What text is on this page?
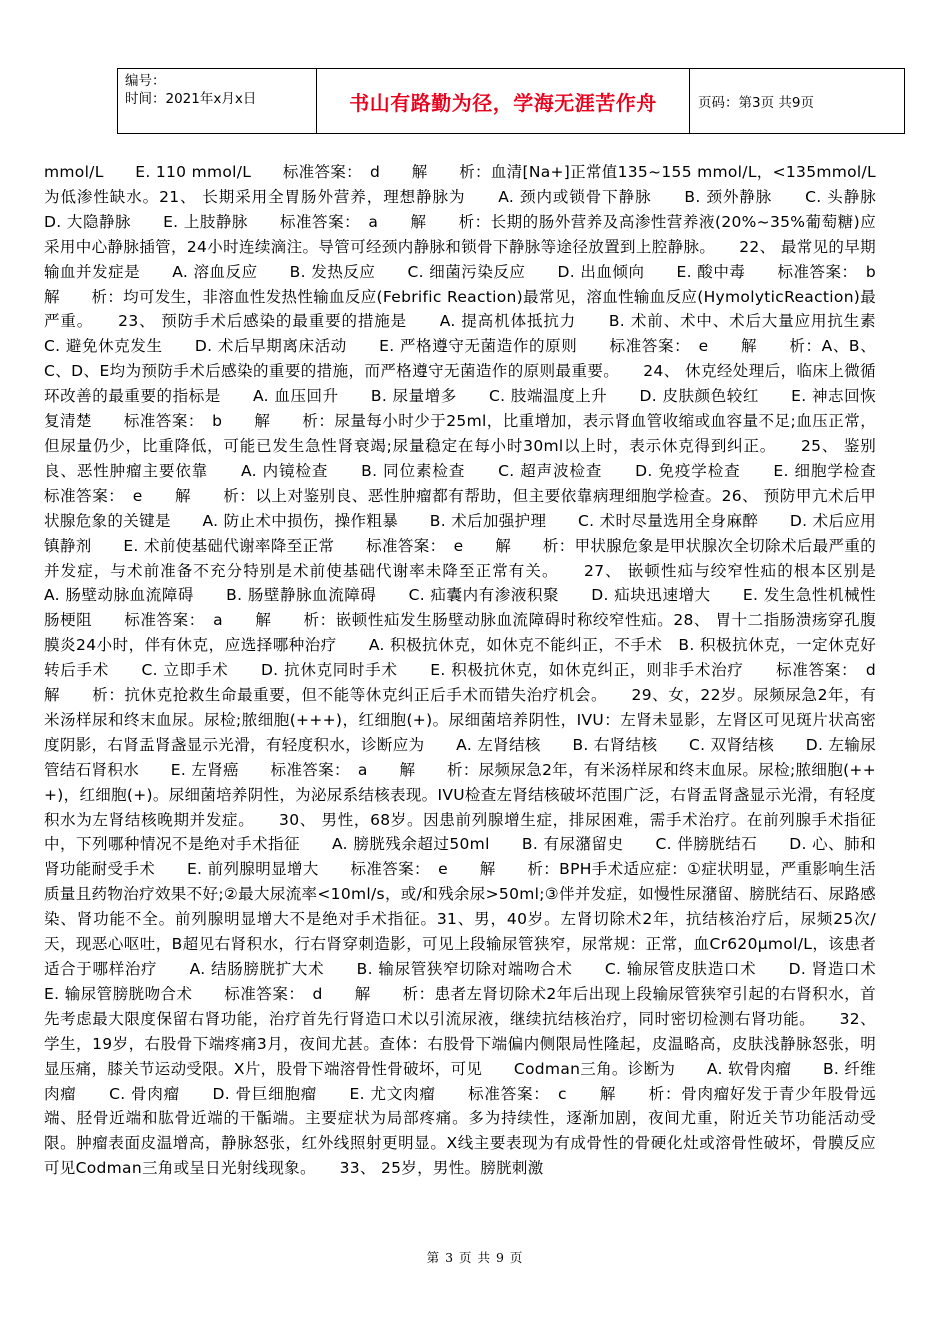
编号：
时间：2021年x月x日	书山有路勤为径，学海无涯苦作舟	页码：第3页 共9页
mmol/L　　E. 110 mmol/L　　标准答案：　d　　解　　析：血清[Na+]正常值135~155 mmol/L，<135mmol/L为低渗性缺水。21、 长期采用全胃肠外营养，理想静脉为　　A. 颈内或锁骨下静脉　　B. 颈外静脉　　C. 头静脉　　D. 大隐静脉　　E. 上肢静脉　　标准答案：　a　　解　　析：长期的肠外营养及高渗性营养液(20%~35%葡萄糖)应采用中心静脉插管，24小时连续滴注。导管可经颈内静脉和锁骨下静脉等途径放置到上腔静脉。　　22、 最常见的早期输血并发症是　　A. 溶血反应　　B. 发热反应　　C. 细菌污染反应　　D. 出血倾向　　E. 酸中毒　　标准答案：　b　　解　　析：均可发生，非溶血性发热性输血反应(Febrific Reaction)最常见，溶血性输血反应(HymolyticReaction)最严重。　　23、 预防手术后感染的最重要的措施是　　A. 提高机体抵抗力　　B. 术前、术中、术后大量应用抗生素　　C. 避免休克发生　　D. 术后早期离床活动　　E. 严格遵守无菌造作的原则　　标准答案：　e　　解　　析：A、B、C、D、E均为预防手术后感染的重要的措施，而严格遵守无菌造作的原则最重要。　　24、 休克经处理后，临床上微循环改善的最重要的指标是　　A. 血压回升　　B. 尿量增多　　C. 肢端温度上升　　D. 皮肤颜色较红　　E. 神志回恢复清楚　　标准答案：　b　　解　　析：尿量每小时少于25ml，比重增加，表示肾血管收缩或血容量不足;血压正常，但尿量仍少，比重降低，可能已发生急性肾衰竭;尿量稳定在每小时30ml以上时，表示休克得到纠正。　　25、 鉴别良、恶性肿瘤主要依靠　　A. 内镜检查　　B. 同位素检查　　C. 超声波检查　　D. 免疫学检查　　E. 细胞学检查　　标准答案：　e　　解　　析：以上对鉴别良、恶性肿瘤都有帮助，但主要依靠病理细胞学检查。26、 预防甲亢术后甲状腺危象的关键是　　A. 防止术中损伤，操作粗暴　　B. 术后加强护理　　C. 术时尽量选用全身麻醉　　D. 术后应用镇静剂　　E. 术前使基础代谢率降至正常　　标准答案：　e　　解　　析：甲状腺危象是甲状腺次全切除术后最严重的并发症，与术前准备不充分特别是术前使基础代谢率未降至正常有关。　　27、 嵌顿性疝与绞窄性疝的根本区别是　　A. 肠壁动脉血流障碍　　B. 肠壁静脉血流障碍　　C. 疝囊内有渗液积聚　　D. 疝块迅速增大　　E. 发生急性机械性肠梗阻　　标准答案：　a　　解　　析：嵌顿性疝发生肠壁动脉血流障碍时称绞窄性疝。28、 胃十二指肠溃疡穿孔腹膜炎24小时，伴有休克，应选择哪种治疗　　A. 积极抗休克，如休克不能纠正，不手术　B. 积极抗休克，一定休克好转后手术　　C. 立即手术　　D. 抗休克同时手术　　E. 积极抗休克，如休克纠正，则非手术治疗　　标准答案：　d　　解　　析：抗休克抢救生命最重要，但不能等休克纠正后手术而错失治疗机会。　　29、女，22岁。尿频尿急2年，有米汤样尿和终末血尿。尿检;脓细胞(+++)，红细胞(+)。尿细菌培养阴性，IVU：左肾未显影，左肾区可见斑片状高密度阴影，右肾盂肾盏显示光滑，有轻度积水，诊断应为　　A. 左肾结核　　B. 右肾结核　　C. 双肾结核　　D. 左输尿管结石肾积水　　E. 左肾癌　　标准答案：　a　　解　　析：尿频尿急2年，有米汤样尿和终末血尿。尿检;脓细胞(+++)，红细胞(+)。尿细菌培养阴性，为泌尿系结核表现。IVU检查左肾结核破坏范围广泛，右肾盂肾盏显示光滑，有轻度积水为左肾结核晚期并发症。　　30、 男性，68岁。因患前列腺增生症，排尿困难，需手术治疗。在前列腺手术指征中，下列哪种情况不是绝对手术指征　　A. 膀胱残余超过50ml　　B. 有尿潴留史　　C. 伴膀胱结石　　D. 心、肺和肾功能耐受手术　　E. 前列腺明显增大　　标准答案：　e　　解　　析：BPH手术适应症：①症状明显，严重影响生活质量且药物治疗效果不好;②最大尿流率<10ml/s，或/和残余尿>50ml;③伴并发症，如慢性尿潴留、膀胱结石、尿路感染、肾功能不全。前列腺明显增大不是绝对手术指征。31、男，40岁。左肾切除术2年，抗结核治疗后，尿频25次/天，现恶心呕吐，B超见右肾积水，行右肾穿刺造影，可见上段输尿管狭窄，尿常规：正常，血Cr620μmol/L，该患者适合于哪样治疗　　A. 结肠膀胱扩大术　　B. 输尿管狭窄切除对端吻合术　　C. 输尿管皮肤造口术　　D. 肾造口术　　E. 输尿管膀胱吻合术　　标准答案：　d　　解　　析：患者左肾切除术2年后出现上段输尿管狭窄引起的右肾积水，首先考虑最大限度保留右肾功能，治疗首先行肾造口术以引流尿液，继续抗结核治疗，同时密切检测右肾功能。　　32、学生，19岁，右股骨下端疼痛3月，夜间尤甚。查体：右股骨下端偏内侧限局性隆起，皮温略高，皮肤浅静脉怒张，明显压痛，膝关节运动受限。X片，股骨下端溶骨性骨破坏，可见　　Codman三角。诊断为　　A. 软骨肉瘤　　B. 纤维肉瘤　　C. 骨肉瘤　　D. 骨巨细胞瘤　　E. 尤文肉瘤　　标准答案：　c　　解　　析：骨肉瘤好发于青少年股骨远端、胫骨近端和肱骨近端的干骺端。主要症状为局部疼痛。多为持续性，逐渐加剧，夜间尤重，附近关节功能活动受限。肿瘤表面皮温增高，静脉怒张，红外线照射更明显。X线主要表现为有成骨性的骨硬化灶或溶骨性破坏，骨膜反应可见Codman三角或呈日光射线现象。　　33、 25岁，男性。膀胱刺激
第 3 页 共 9 页
